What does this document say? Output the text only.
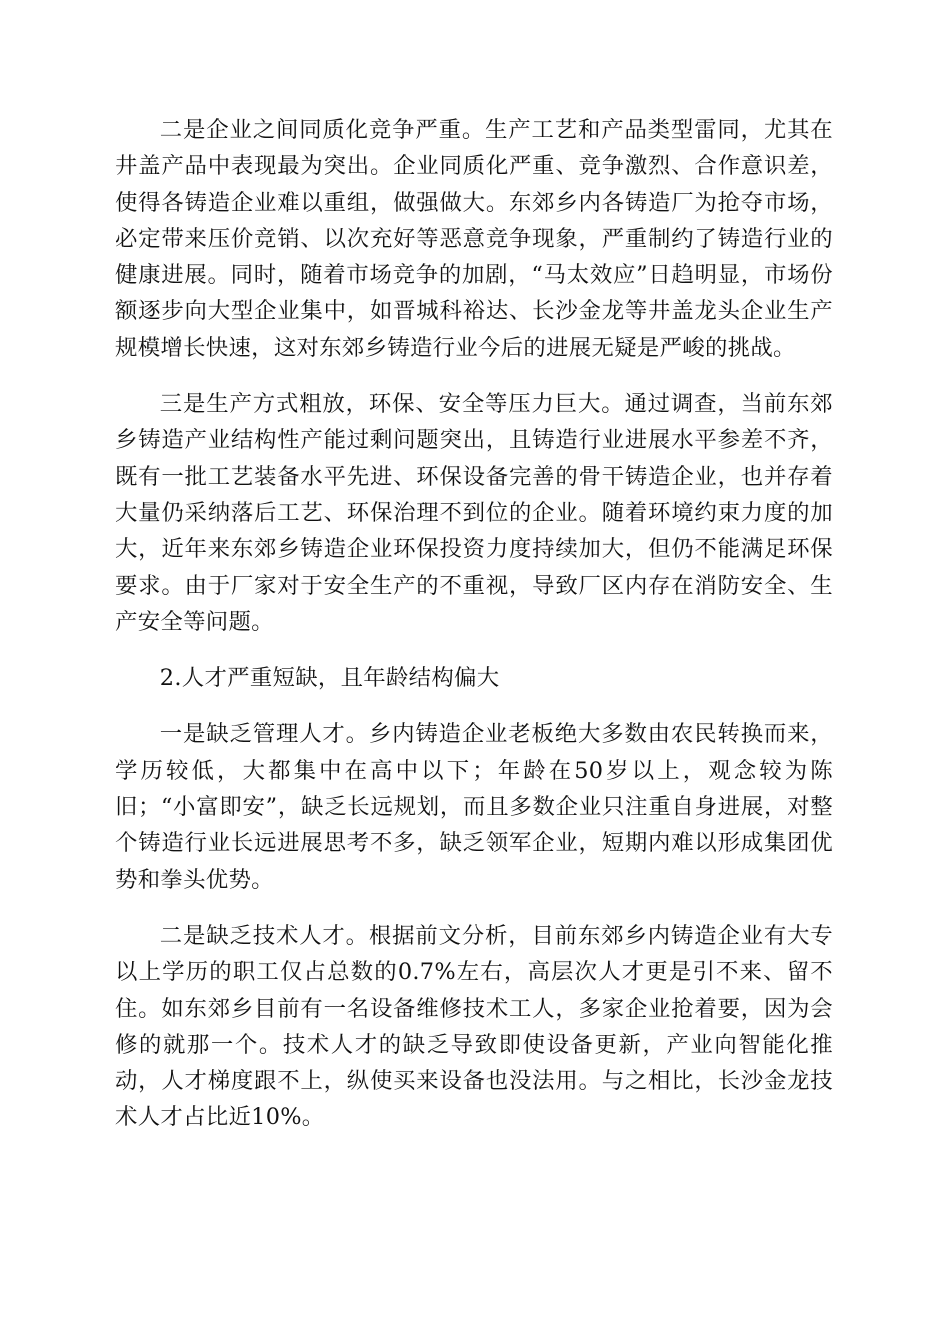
二是企业之间同质化竞争严重。生产工艺和产品类型雷同，尤其在井盖产品中表现最为突出。企业同质化严重、竞争激烈、合作意识差，使得各铸造企业难以重组，做强做大。东郊乡内各铸造厂为抢夺市场，必定带来压价竞销、以次充好等恶意竞争现象，严重制约了铸造行业的健康进展。同时，随着市场竞争的加剧，“马太效应”日趋明显，市场份额逐步向大型企业集中，如晋城科裕达、长沙金龙等井盖龙头企业生产规模增长快速，这对东郊乡铸造行业今后的进展无疑是严峻的挑战。

三是生产方式粗放，环保、安全等压力巨大。通过调查，当前东郊乡铸造产业结构性产能过剩问题突出，且铸造行业进展水平参差不齐，既有一批工艺装备水平先进、环保设备完善的骨干铸造企业，也并存着大量仍采纳落后工艺、环保治理不到位的企业。随着环境约束力度的加大，近年来东郊乡铸造企业环保投资力度持续加大，但仍不能满足环保要求。由于厂家对于安全生产的不重视，导致厂区内存在消防安全、生产安全等问题。

2.人才严重短缺，且年龄结构偏大

一是缺乏管理人才。乡内铸造企业老板绝大多数由农民转换而来，学历较低，大都集中在高中以下；年龄在50岁以上，观念较为陈旧；“小富即安”，缺乏长远规划，而且多数企业只注重自身进展，对整个铸造行业长远进展思考不多，缺乏领军企业，短期内难以形成集团优势和拳头优势。

二是缺乏技术人才。根据前文分析，目前东郊乡内铸造企业有大专以上学历的职工仅占总数的0.7%左右，高层次人才更是引不来、留不住。如东郊乡目前有一名设备维修技术工人，多家企业抢着要，因为会修的就那一个。技术人才的缺乏导致即使设备更新，产业向智能化推动，人才梯度跟不上，纵使买来设备也没法用。与之相比，长沙金龙技术人才占比近10%。
